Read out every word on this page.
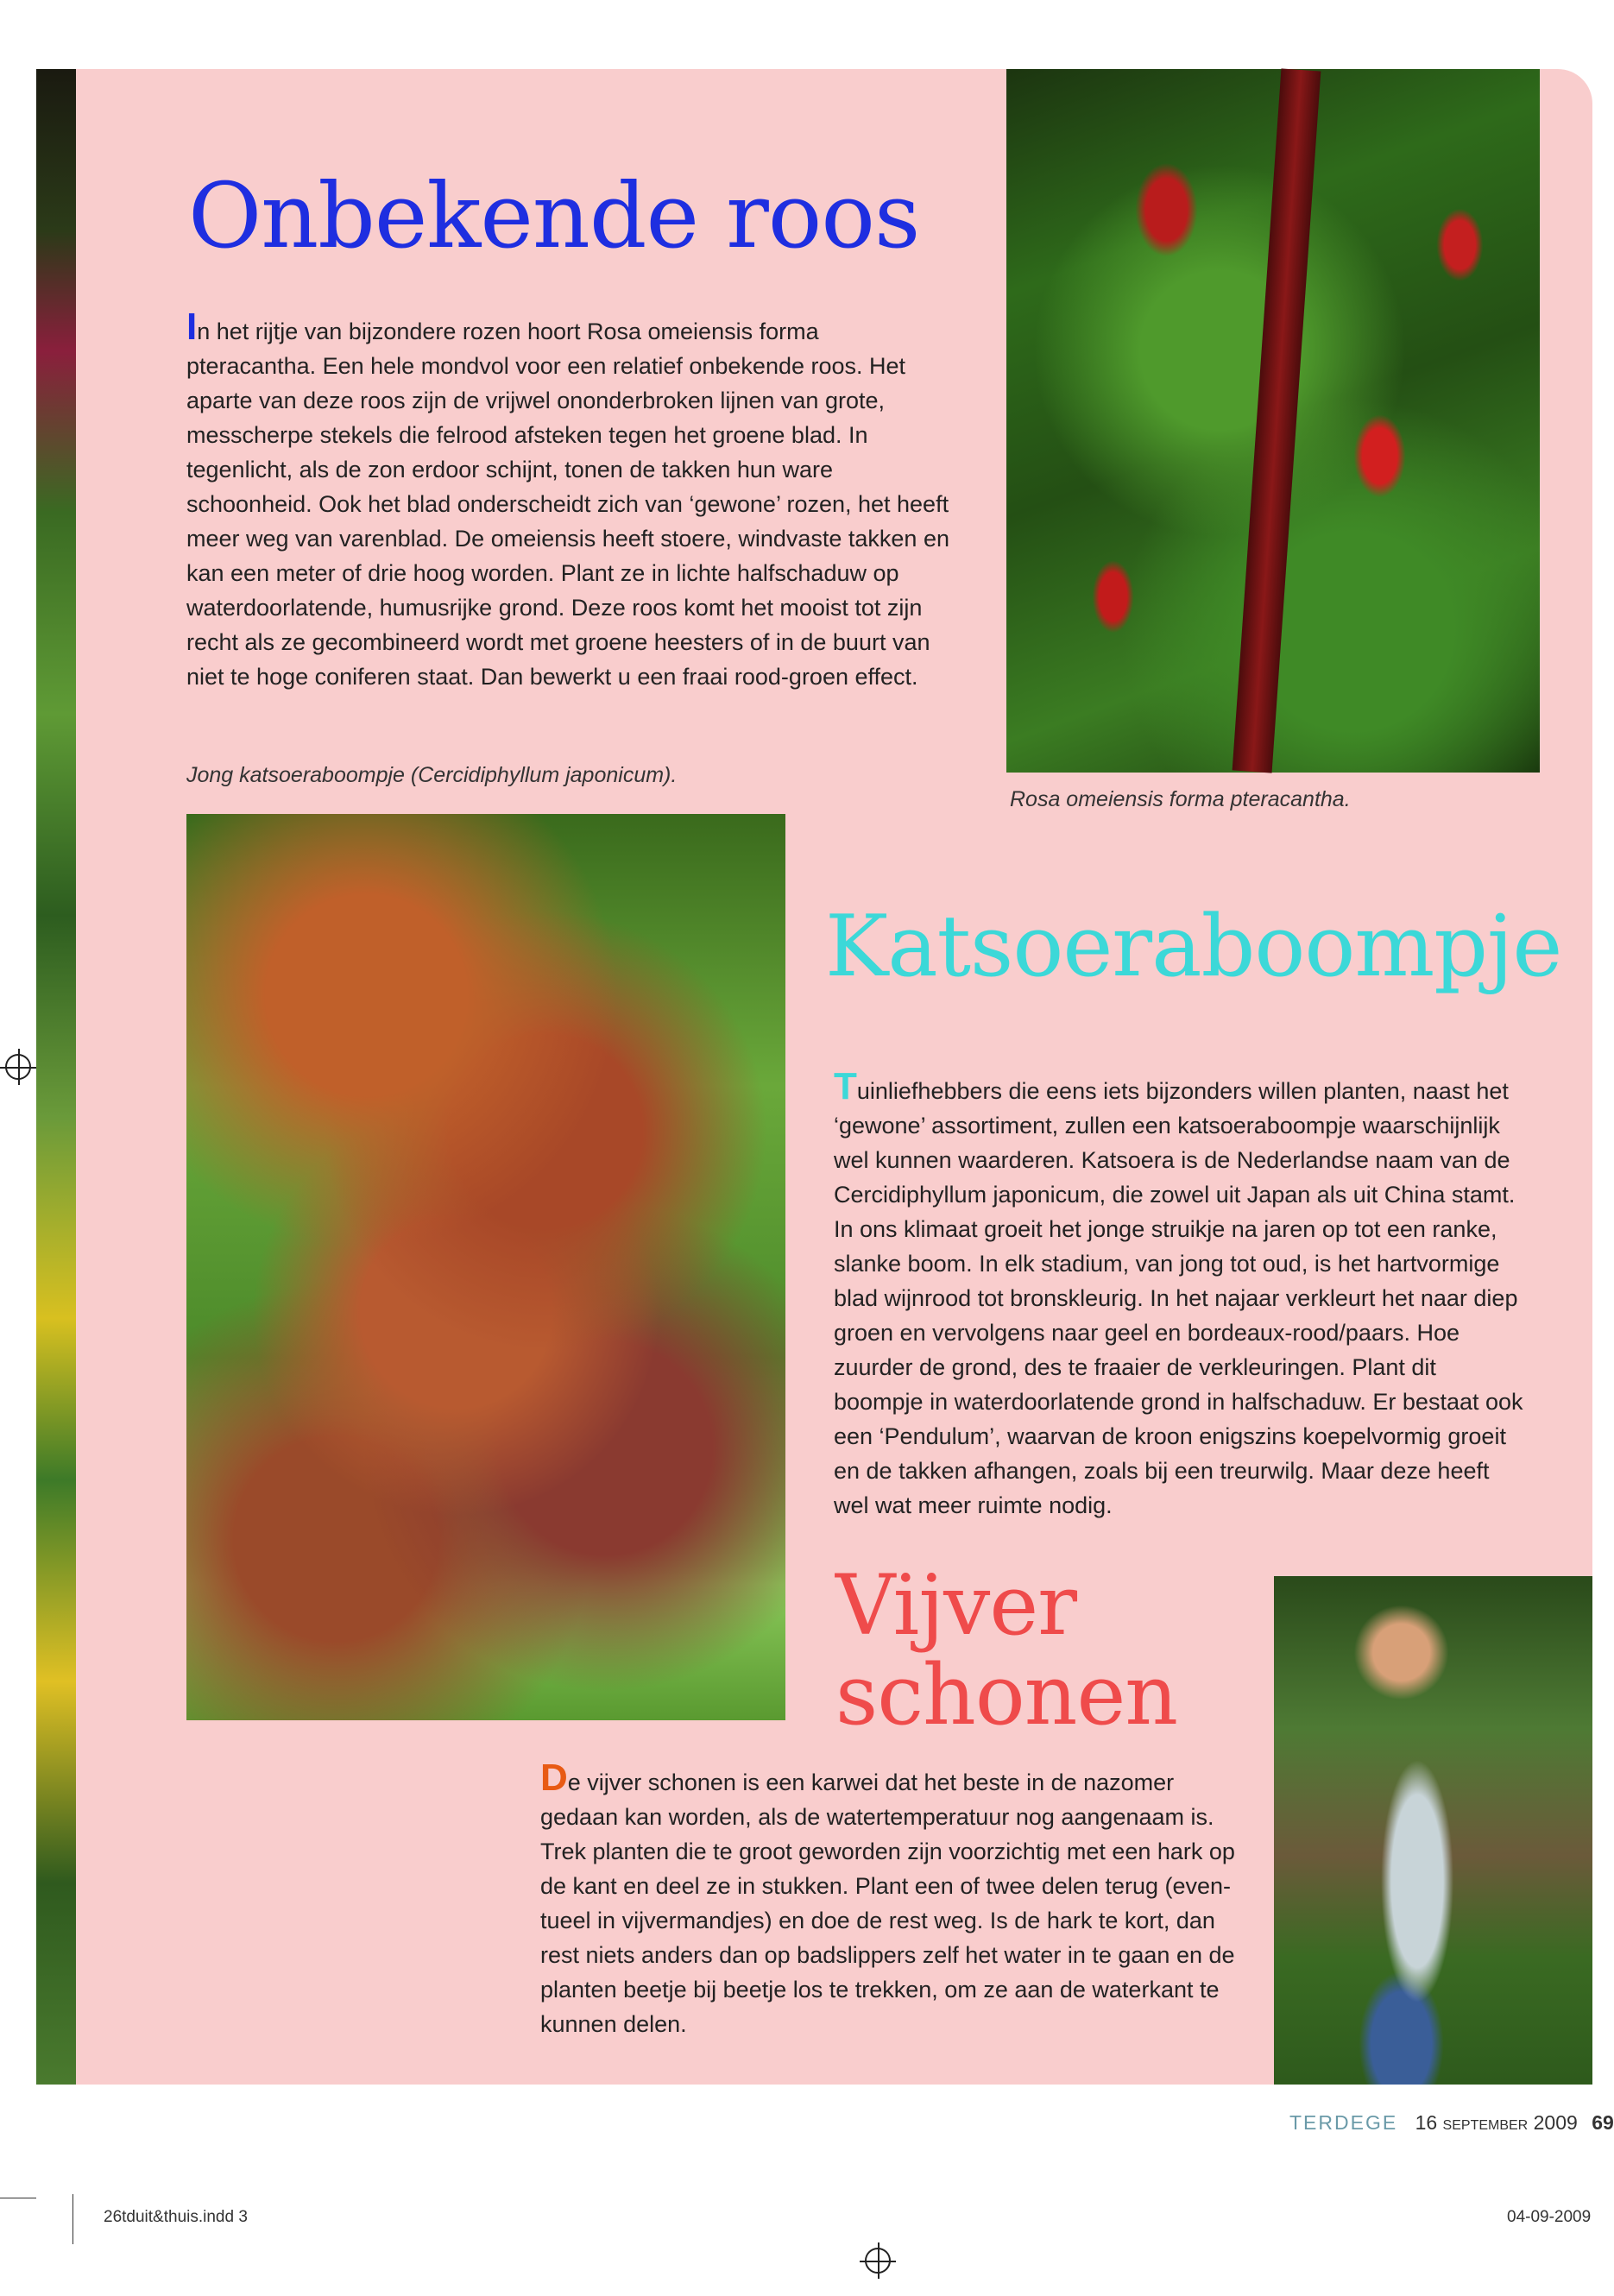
Onbekende roos

In het rijtje van bijzondere rozen hoort Rosa omeiensis forma pteracantha. Een hele mondvol voor een relatief onbekende roos. Het aparte van deze roos zijn de vrijwel ononderbroken lijnen van grote, messcherpe stekels die felrood afsteken tegen het groene blad. In tegenlicht, als de zon erdoor schijnt, tonen de takken hun ware schoonheid. Ook het blad onderscheidt zich van ‘gewone’ rozen, het heeft meer weg van varenblad. De omeiensis heeft stoere, windvaste takken en kan een meter of drie hoog worden. Plant ze in lichte halfschaduw op waterdoorlatende, humusrijke grond. Deze roos komt het mooist tot zijn recht als ze gecombineerd wordt met groene heesters of in de buurt van niet te hoge coniferen staat. Dan bewerkt u een fraai rood-groen effect.

Rosa omeiensis forma pteracantha.

Jong katsoeraboompje (Cercidiphyllum japonicum).

Katsoeraboompje

Tuinliefhebbers die eens iets bijzonders willen planten, naast het ‘gewone’ assortiment, zullen een katsoeraboompje waarschijnlijk wel kunnen waarderen. Katsoera is de Nederlandse naam van de Cercidiphyllum japonicum, die zowel uit Japan als uit China stamt. In ons klimaat groeit het jonge struikje na jaren op tot een ranke, slanke boom. In elk stadium, van jong tot oud, is het hartvormige blad wijnrood tot bronskleurig. In het najaar verkleurt het naar diep groen en vervolgens naar geel en bordeaux-rood/paars. Hoe zuurder de grond, des te fraaier de verkleuringen. Plant dit boompje in waterdoorlatende grond in halfschaduw. Er bestaat ook een ‘Pendulum’, waarvan de kroon enigszins koepelvormig groeit en de takken afhangen, zoals bij een treurwilg. Maar deze heeft wel wat meer ruimte nodig.

Vijver schonen

De vijver schonen is een karwei dat het beste in de nazomer gedaan kan worden, als de watertemperatuur nog aangenaam is. Trek planten die te groot geworden zijn voorzichtig met een hark op de kant en deel ze in stukken. Plant een of twee delen terug (even-tueel in vijvermandjes) en doe de rest weg. Is de hark te kort, dan rest niets anders dan op badslippers zelf het water in te gaan en de planten beetje bij beetje los te trekken, om ze aan de waterkant te kunnen delen.

TERDEGE 16 september 2009 69
26tduit&thuis.indd 3	04-09-2009
